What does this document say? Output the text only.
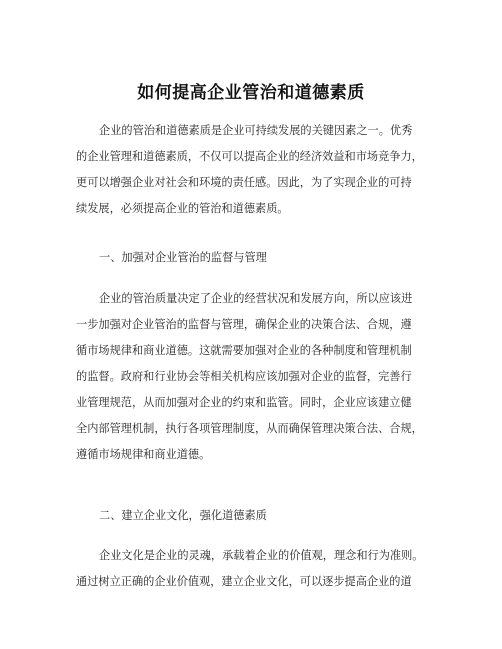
如何提高企业管治和道德素质
企业的管治和道德素质是企业可持续发展的关键因素之一。优秀
的企业管理和道德素质，不仅可以提高企业的经济效益和市场竞争力，
更可以增强企业对社会和环境的责任感。因此，为了实现企业的可持
续发展，必须提高企业的管治和道德素质。
一、加强对企业管治的监督与管理
企业的管治质量决定了企业的经营状况和发展方向，所以应该进
一步加强对企业管治的监督与管理，确保企业的决策合法、合规，遵
循市场规律和商业道德。这就需要加强对企业的各种制度和管理机制
的监督。政府和行业协会等相关机构应该加强对企业的监督，完善行
业管理规范，从而加强对企业的约束和监管。同时，企业应该建立健
全内部管理机制，执行各项管理制度，从而确保管理决策合法、合规，
遵循市场规律和商业道德。
二、建立企业文化，强化道德素质
企业文化是企业的灵魂，承载着企业的价值观，理念和行为准则。
通过树立正确的企业价值观，建立企业文化，可以逐步提高企业的道
